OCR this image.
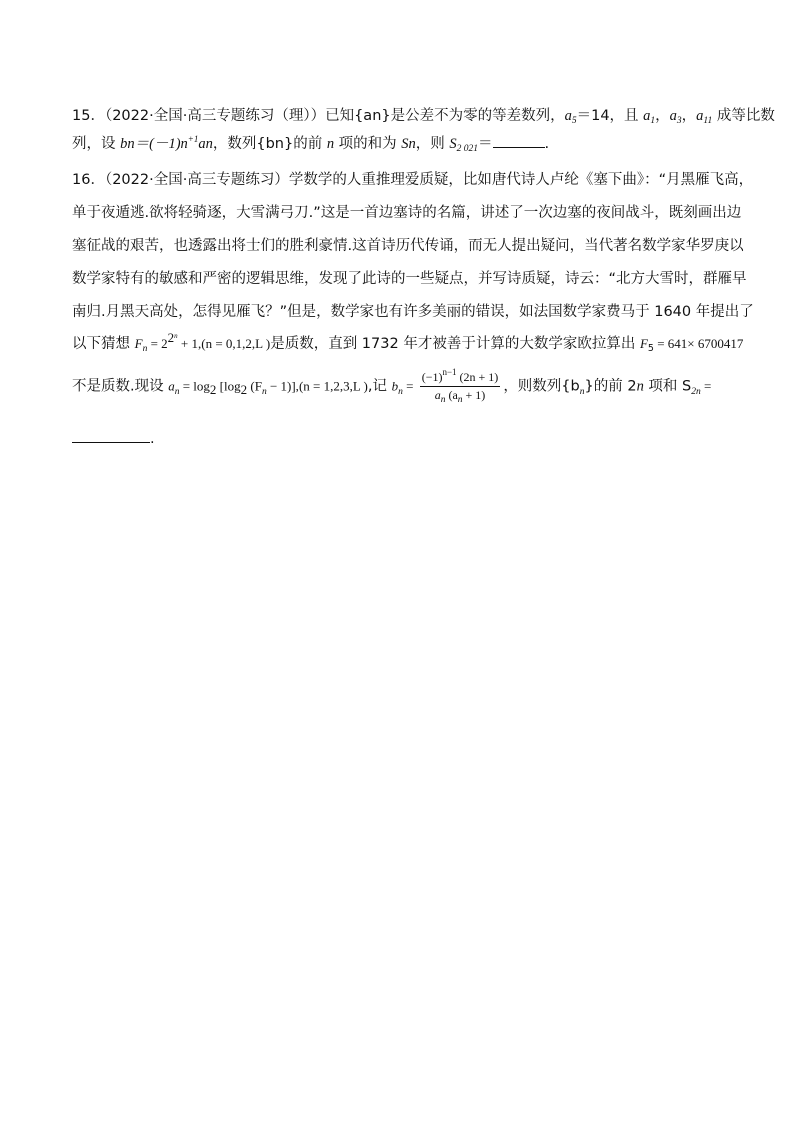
15．（2022·全国·高三专题练习（理））已知{an}是公差不为零的等差数列，$a_5=14$，且 $a_1$，$a_3$，$a_{11}$ 成等比数
列，设 $bn=(-1)n^{+1}an$，数列{bn}的前 n 项的和为 Sn，则 $S_{2 021}=$	.
16．（2022·全国·高三专题练习）学数学的人重推理爱质疑，比如唐代诗人卢纶《塞下曲》：“月黑雁飞高，
单于夜遁逃.欲将轻骑逐，大雪满弓刀.”这是一首边塞诗的名篇，讲述了一次边塞的夜间战斗，既刻画出边
塞征战的艰苦，也透露出将士们的胜利豪情.这首诗历代传诵，而无人提出疑问，当代著名数学家华罗庚以
数学家特有的敏感和严密的逻辑思维，发现了此诗的一些疑点，并写诗质疑，诗云：“北方大雪时，群雁早
南归.月黑天高处，怎得见雁飞？”但是，数学家也有许多美丽的错误，如法国数学家费马于 1640 年提出了
以下猜想 $F_n = 22^n + 1,(n = 0,1,2,L$ )是质数，直到 1732 年才被善于计算的大数学家欧拉算出 $F_5 = 641\times 6700417$
不是质数.现设 $a_n = \log 2$ [log2 $(F_n - 1)],(n = 1,2,3,L$ ),记 $b_n = \frac{(-1)^{n-1} (2n + 1)}{a_n (a_n + 1)}$ ，则数列$\{b_n\}$的前 2n 项和 $S_{2n}$ =
.
